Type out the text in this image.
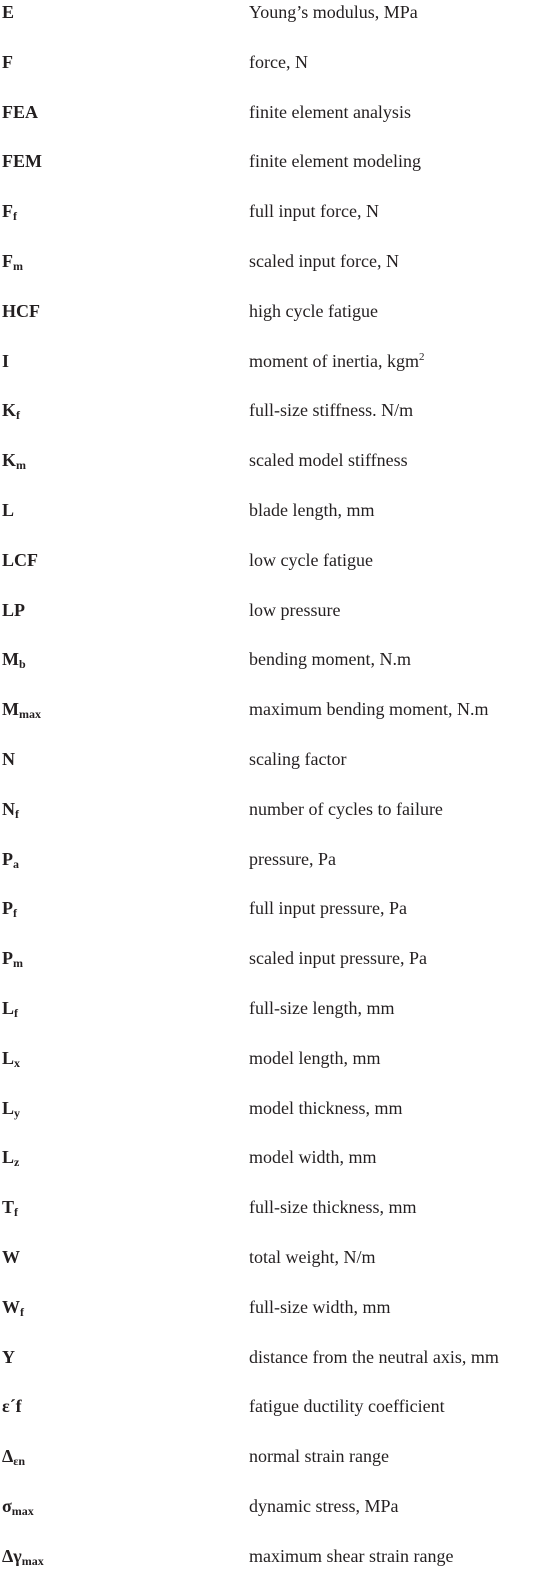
E	Young’s modulus, MPa
F	force, N
FEA	finite element analysis
FEM	finite element modeling
$F_f$	full input force, N
$F_m$	scaled input force, N
HCF	high cycle fatigue
I	moment of inertia, kgm$^2$
$K_f$	full-size stiffness. N/m
$K_m$	scaled model stiffness
L	blade length, mm
LCF	low cycle fatigue
LP	low pressure
$M_b$	bending moment, N.m
$M_{max}$	maximum bending moment, N.m
N	scaling factor
$N_f$	number of cycles to failure
$P_a$	pressure, Pa
$P_f$	full input pressure, Pa
$P_m$	scaled input pressure, Pa
$L_f$	full-size length, mm
$L_x$	model length, mm
$L_y$	model thickness, mm
$L_z$	model width, mm
$T_f$	full-size thickness, mm
W	total weight, N/m
$W_f$	full-size width, mm
Y	distance from the neutral axis, mm
ε´f	fatigue ductility coefficient
$\Delta_{\varepsilon n}$	normal strain range
$\sigma_{max}$	dynamic stress, MPa
$\Delta\gamma_{max}$	maximum shear strain range
